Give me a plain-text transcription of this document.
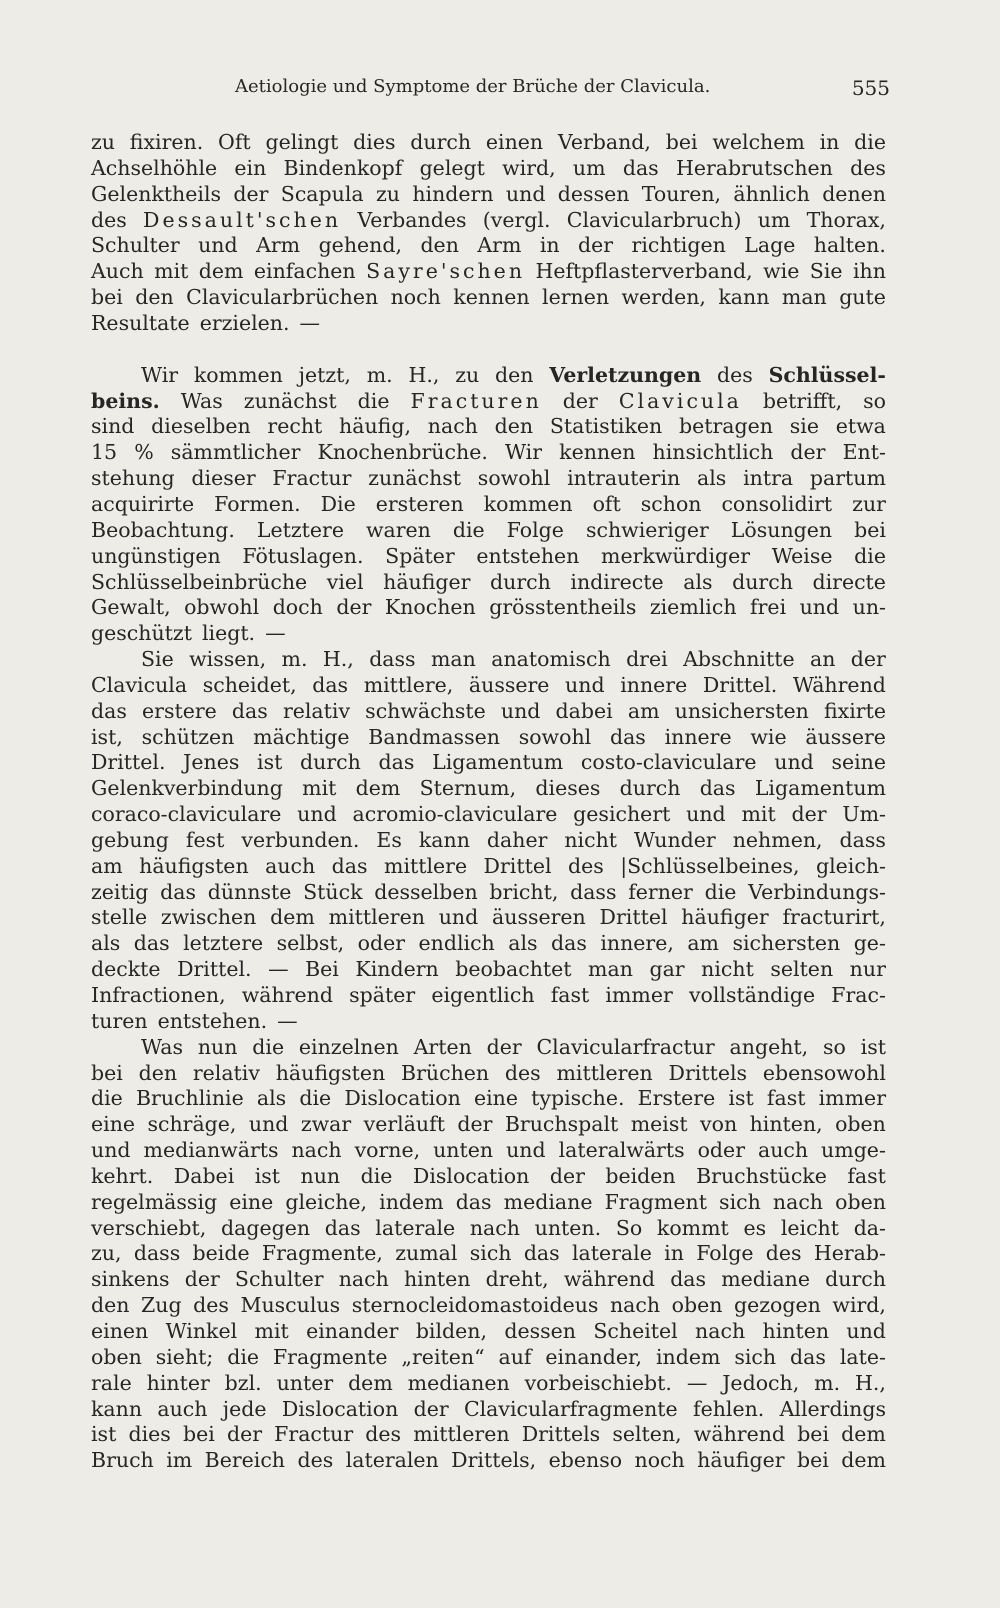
Aetiologie und Symptome der Brüche der Clavicula.	555
zu fixiren. Oft gelingt dies durch einen Verband, bei welchem in die
Achselhöhle ein Bindenkopf gelegt wird, um das Herabrutschen des
Gelenktheils der Scapula zu hindern und dessen Touren, ähnlich denen
des Dessault'schen Verbandes (vergl. Clavicularbruch) um Thorax,
Schulter und Arm gehend, den Arm in der richtigen Lage halten.
Auch mit dem einfachen Sayre'schen Heftpflasterverband, wie Sie ihn
bei den Clavicularbrüchen noch kennen lernen werden, kann man gute
Resultate erzielen. —
Wir kommen jetzt, m. H., zu den Verletzungen des Schlüssel-
beins. Was zunächst die Fracturen der Clavicula betrifft, so
sind dieselben recht häufig, nach den Statistiken betragen sie etwa
15 % sämmtlicher Knochenbrüche. Wir kennen hinsichtlich der Ent-
stehung dieser Fractur zunächst sowohl intrauterin als intra partum
acquirirte Formen. Die ersteren kommen oft schon consolidirt zur
Beobachtung. Letztere waren die Folge schwieriger Lösungen bei
ungünstigen Fötuslagen. Später entstehen merkwürdiger Weise die
Schlüsselbeinbrüche viel häufiger durch indirecte als durch directe
Gewalt, obwohl doch der Knochen grösstentheils ziemlich frei und un-
geschützt liegt. —
Sie wissen, m. H., dass man anatomisch drei Abschnitte an der
Clavicula scheidet, das mittlere, äussere und innere Drittel. Während
das erstere das relativ schwächste und dabei am unsichersten fixirte
ist, schützen mächtige Bandmassen sowohl das innere wie äussere
Drittel. Jenes ist durch das Ligamentum costo-claviculare und seine
Gelenkverbindung mit dem Sternum, dieses durch das Ligamentum
coraco-claviculare und acromio-claviculare gesichert und mit der Um-
gebung fest verbunden. Es kann daher nicht Wunder nehmen, dass
am häufigsten auch das mittlere Drittel des |Schlüsselbeines, gleich-
zeitig das dünnste Stück desselben bricht, dass ferner die Verbindungs-
stelle zwischen dem mittleren und äusseren Drittel häufiger fracturirt,
als das letztere selbst, oder endlich als das innere, am sichersten ge-
deckte Drittel. — Bei Kindern beobachtet man gar nicht selten nur
Infractionen, während später eigentlich fast immer vollständige Frac-
turen entstehen. —
Was nun die einzelnen Arten der Clavicularfractur angeht, so ist
bei den relativ häufigsten Brüchen des mittleren Drittels ebensowohl
die Bruchlinie als die Dislocation eine typische. Erstere ist fast immer
eine schräge, und zwar verläuft der Bruchspalt meist von hinten, oben
und medianwärts nach vorne, unten und lateralwärts oder auch umge-
kehrt. Dabei ist nun die Dislocation der beiden Bruchstücke fast
regelmässig eine gleiche, indem das mediane Fragment sich nach oben
verschiebt, dagegen das laterale nach unten. So kommt es leicht da-
zu, dass beide Fragmente, zumal sich das laterale in Folge des Herab-
sinkens der Schulter nach hinten dreht, während das mediane durch
den Zug des Musculus sternocleidomastoideus nach oben gezogen wird,
einen Winkel mit einander bilden, dessen Scheitel nach hinten und
oben sieht; die Fragmente „reiten“ auf einander, indem sich das late-
rale hinter bzl. unter dem medianen vorbeischiebt. — Jedoch, m. H.,
kann auch jede Dislocation der Clavicularfragmente fehlen. Allerdings
ist dies bei der Fractur des mittleren Drittels selten, während bei dem
Bruch im Bereich des lateralen Drittels, ebenso noch häufiger bei dem
